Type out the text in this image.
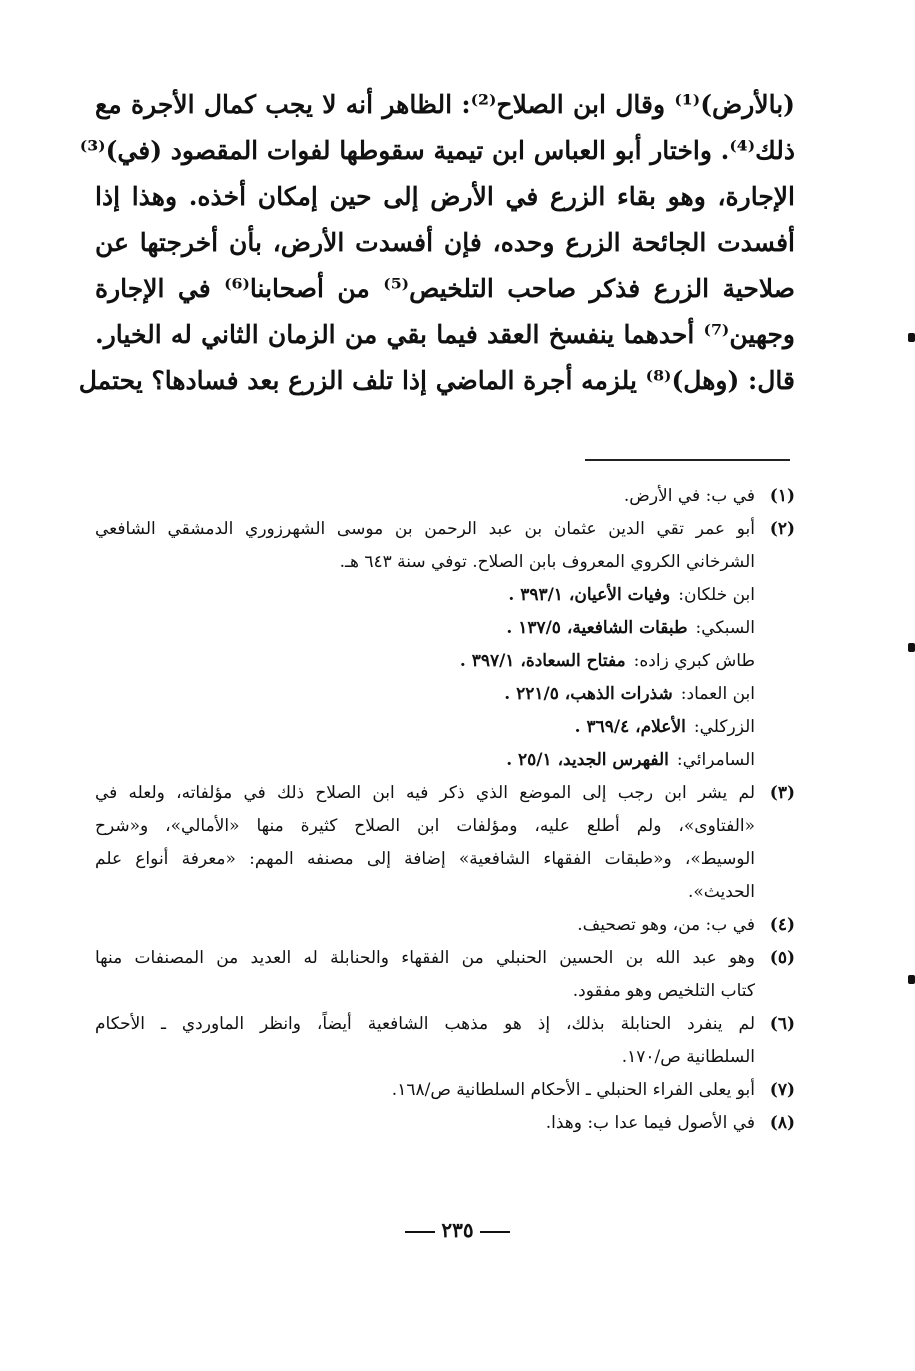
(بالأرض)⁽¹⁾ وقال ابن الصلاح⁽²⁾: الظاهر أنه لا يجب كمال الأجرة مع
ذلك⁽⁴⁾. واختار أبو العباس ابن تيمية سقوطها لفوات المقصود (في)⁽³⁾
الإجارة، وهو بقاء الزرع في الأرض إلى حين إمكان أخذه. وهذا إذا
أفسدت الجائحة الزرع وحده، فإن أفسدت الأرض، بأن أخرجتها عن
صلاحية الزرع فذكر صاحب التلخيص⁽⁵⁾ من أصحابنا⁽⁶⁾ في الإجارة
وجهين⁽⁷⁾ أحدهما ينفسخ العقد فيما بقي من الزمان الثاني له الخيار.
قال: (وهل)⁽⁸⁾ يلزمه أجرة الماضي إذا تلف الزرع بعد فسادها؟ يحتمل
(١)
في ب: في الأرض.
(٢)
أبو عمر تقي الدين عثمان بن عبد الرحمن بن موسى الشهرزوري الدمشقي الشافعي
الشرخاني الكروي المعروف بابن الصلاح. توفي سنة ٦٤٣ هـ.
ابن خلكان:وفيات الأعيان، ٣٩٣/١ .
السبكي:طبقات الشافعية، ١٣٧/٥ .
طاش كبري زاده:مفتاح السعادة، ٣٩٧/١ .
ابن العماد:شذرات الذهب، ٢٢١/٥ .
الزركلي:الأعلام، ٣٦٩/٤ .
السامرائي:الفهرس الجديد، ٢٥/١ .
(٣)
لم يشر ابن رجب إلى الموضع الذي ذكر فيه ابن الصلاح ذلك في مؤلفاته، ولعله في
«الفتاوى»، ولم أطلع عليه، ومؤلفات ابن الصلاح كثيرة منها «الأمالي»، و«شرح
الوسيط»، و«طبقات الفقهاء الشافعية» إضافة إلى مصنفه المهم: «معرفة أنواع علم
الحديث».
(٤)
في ب: من، وهو تصحيف.
(٥)
وهو عبد الله بن الحسين الحنبلي من الفقهاء والحنابلة له العديد من المصنفات منها
كتاب التلخيص وهو مفقود.
(٦)
لم ينفرد الحنابلة بذلك، إذ هو مذهب الشافعية أيضاً، وانظر الماوردي ـ الأحكام
السلطانية ص/١٧٠.
(٧)
أبو يعلى الفراء الحنبلي ـ الأحكام السلطانية ص/١٦٨.
(٨)
في الأصول فيما عدا ب: وهذا.
٢٣٥
